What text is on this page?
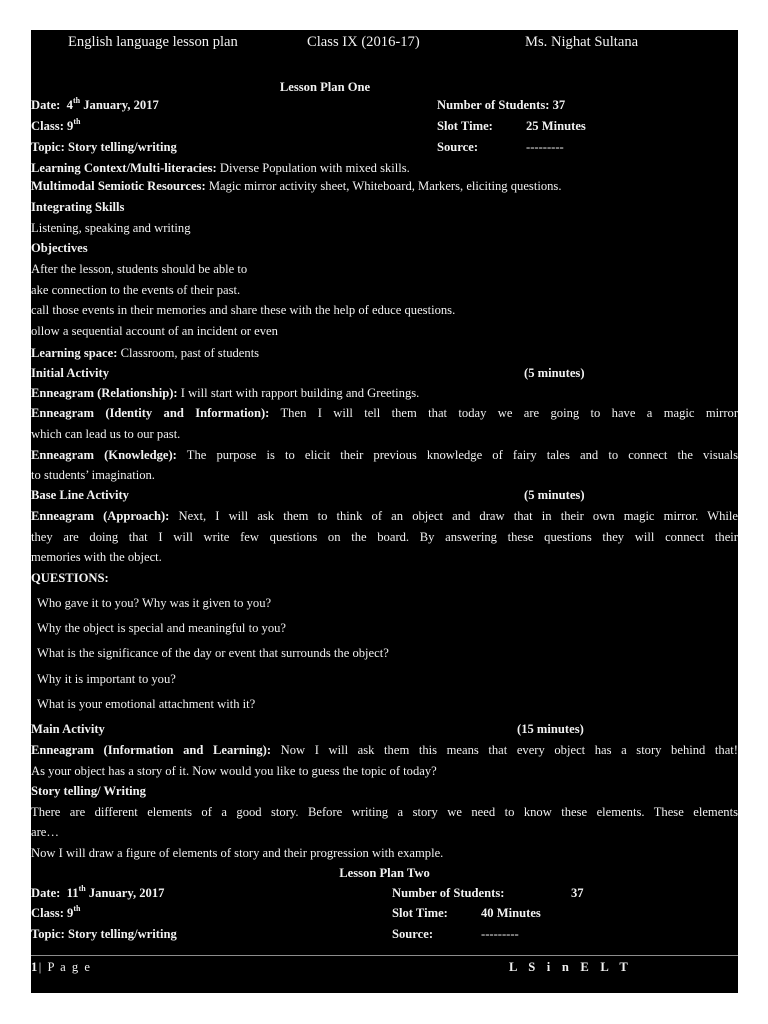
English language lesson plan	Class IX (2016-17)	Ms. Nighat Sultana
Lesson Plan One
Date: 4th January, 2017	Number of Students: 37
Class: 9th	Slot Time:	25 Minutes
Topic: Story telling/writing	Source:	---------
Learning Context/Multi-literacies: Diverse Population with mixed skills.
Multimodal Semiotic Resources: Magic mirror activity sheet, Whiteboard, Markers, eliciting questions.
Integrating Skills
Listening, speaking and writing
Objectives
After the lesson, students should be able to
ake connection to the events of their past.
call those events in their memories and share these with the help of educe questions.
ollow a sequential account of an incident or even
Learning space: Classroom, past of students
Initial Activity	(5 minutes)
Enneagram (Relationship): I will start with rapport building and Greetings.
Enneagram (Identity and Information): Then I will tell them that today we are going to have a magic mirror
which can lead us to our past.
Enneagram (Knowledge): The purpose is to elicit their previous knowledge of fairy tales and to connect the visuals
to students’ imagination.
Base Line Activity	(5 minutes)
Enneagram (Approach): Next, I will ask them to think of an object and draw that in their own magic mirror. While
they are doing that I will write few questions on the board. By answering these questions they will connect their
memories with the object.
QUESTIONS:
Who gave it to you? Why was it given to you?
Why the object is special and meaningful to you?
What is the significance of the day or event that surrounds the object?
Why it is important to you?
What is your emotional attachment with it?
Main Activity	(15 minutes)
Enneagram (Information and Learning): Now I will ask them this means that every object has a story behind that!
As your object has a story of it. Now would you like to guess the topic of today?
Story telling/ Writing
There are different elements of a good story. Before writing a story we need to know these elements. These elements
are…
Now I will draw a figure of elements of story and their progression with example.
Lesson Plan Two
Date: 11th January, 2017	Number of Students:	37
Class: 9th	Slot Time:	40 Minutes
Topic: Story telling/writing	Source:	---------
1| P a g e	L S i n E L T
